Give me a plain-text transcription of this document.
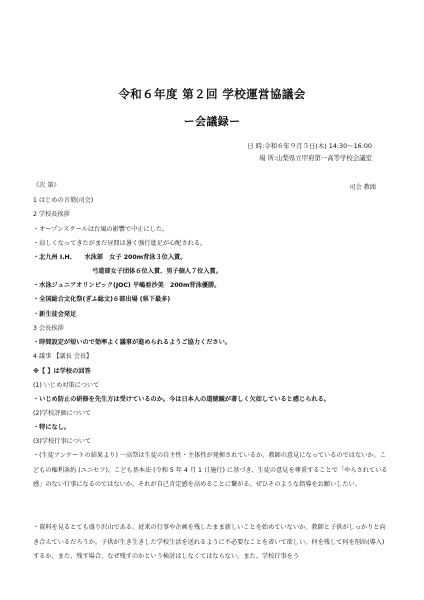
令和６年度 第２回 学校運営協議会
ー会議録ー
日 時:令和６年９月５日(木) 14:30～16:00
場 所:山梨県立甲府第一高等学校会議室
《次 第》	司会 教頭
1 はじめの言葉(司会)
2 学校長挨拶
・オープンスクールは台風の影響で中止にした。
・涼しくなってきたがまだ昼間は暑く強行進足が心配される。
・北九州 I.H.　　水泳部　女子 200m背泳３位入賞。
弓道部女子団体６位入賞、男子個人７位入賞。
・水泳ジュニアオリンピック(JOC) 平嶋亜沙美　200m背泳優勝。
・全国総合文化祭(ぎふ総文)６部出場 (県下最多)
・新生徒会発足
3 会長挨拶
・時間設定が短いので効率よく議事が進められるようご協力ください。
4 議事 【議長 会長】
※【 】は学校の回答
(1) いじめ対策について
・いじめ防止の研修を先生方は受けているのか。今は日本人の道徳観が著しく欠如していると感じられる。
(2)学校評価について
・特になし。
(3)学校行事について
・(生徒アンケートの結果より) 一高祭は生徒の自主性・主体性が発揮されているか。教師の意見になっているのではないか。こどもの権利条約 (ユニセフ)、こども基本法 (令和 5 年 4 月 1 日施行) に基づき、生徒の意見を尊重することで「やらされている感」のない行事になるのではないか。それが自己肯定感を高めることに繋がる。ぜひそのような指導をお願いしたい。
・資料を見るとても盛り沢山である。従来の行事や企画を残したまま新しいことを始めていないか。教師と子供がしっかりと向き合えているだろうか。子供が生き生きした学校生活を送れるように不必要なことを省いて欲しい。何を残して何を削出(導入)するか、また、残す場合、なぜ残すのかという検討はしなくてはならない。また、学校行事をう
